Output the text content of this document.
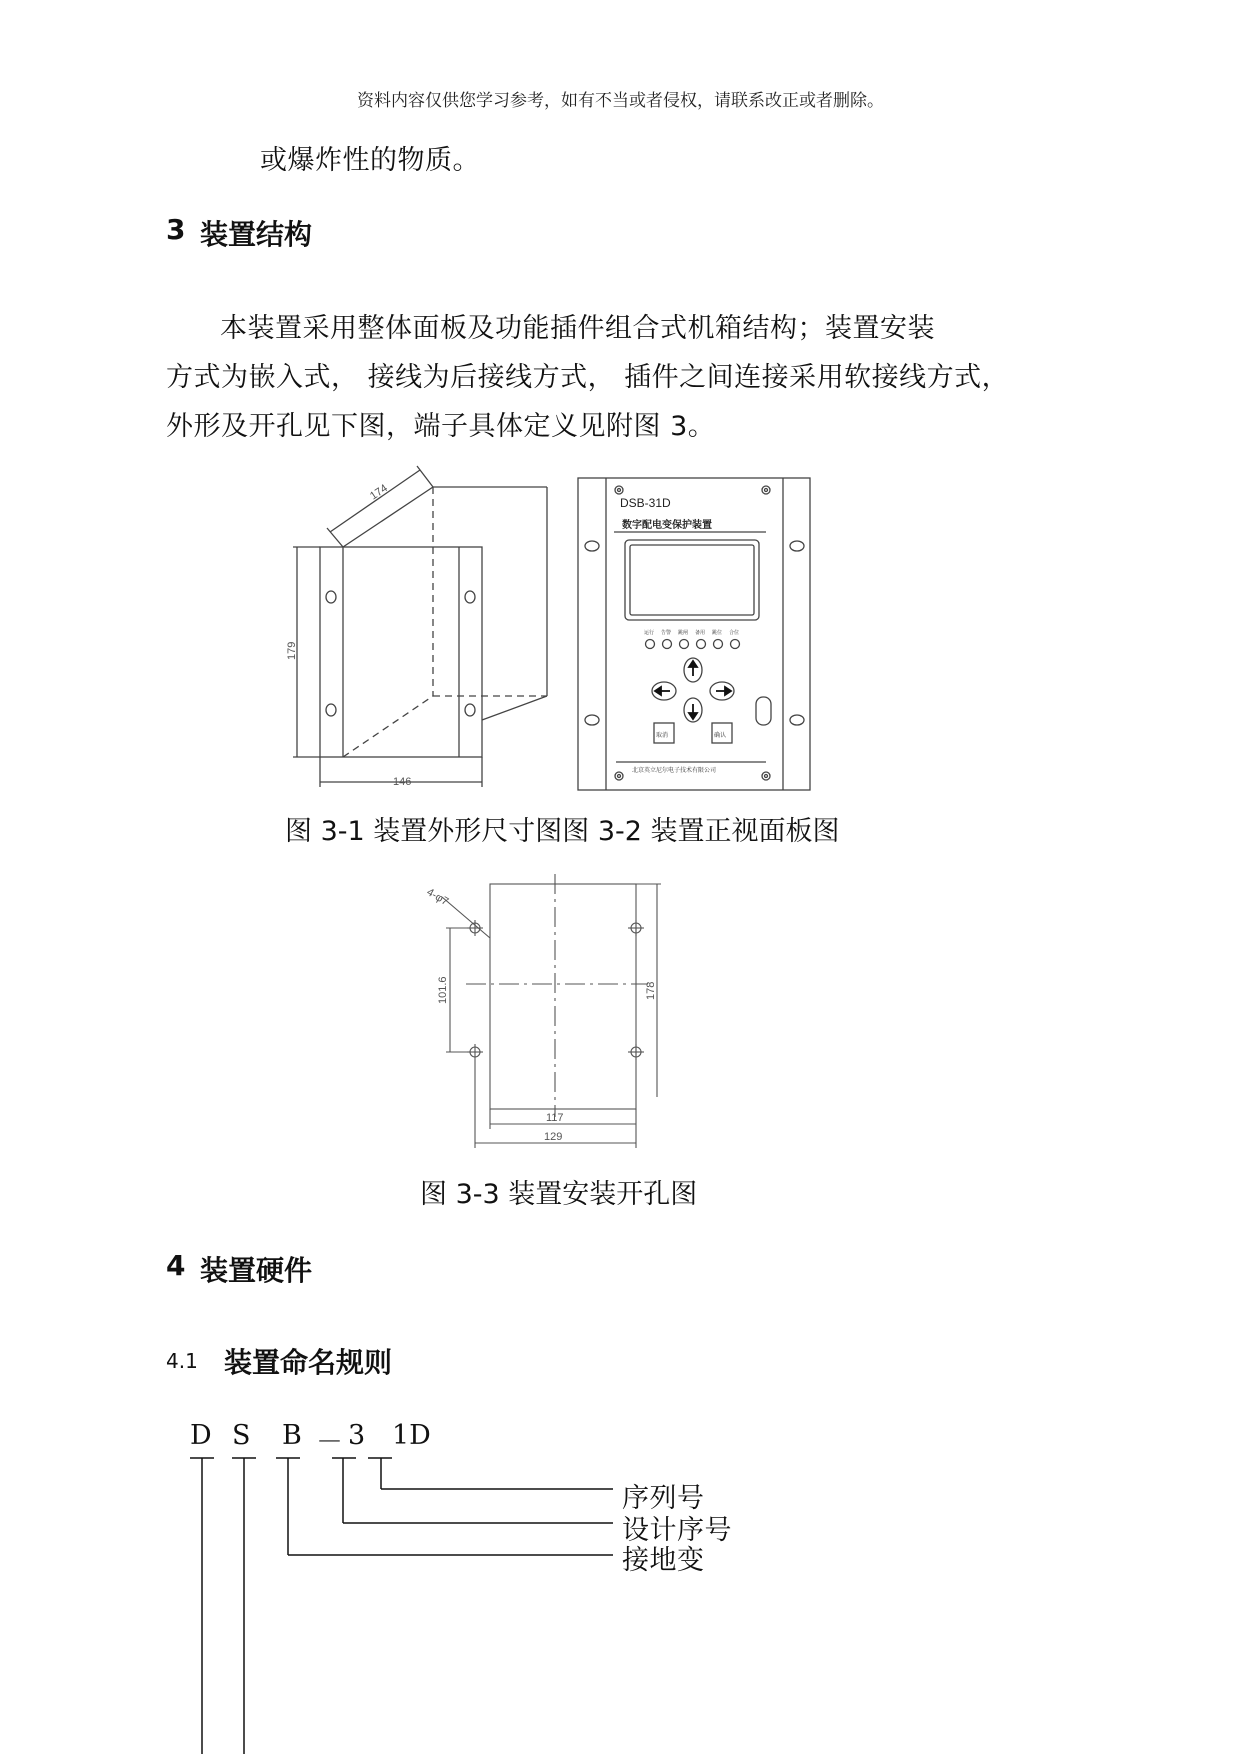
资料内容仅供您学习参考，如有不当或者侵权，请联系改正或者删除。
或爆炸性的物质。
3 装置结构
本装置采用整体面板及功能插件组合式机箱结构；装置安装
方式为嵌入式， 接线为后接线方式， 插件之间连接采用软接线方式，
外形及开孔见下图，端子具体定义见附图 3。
174
179
146
DSB-31D
数字配电变保护装置
运行 告警 跳闸 备用 跳位 合位
取消	确认
北京英立尼尔电子技术有限公司
图 3-1 装置外形尺寸图图 3-2 装置正视面板图
4-φ7
101.6	178
117
129
图 3-3 装置安装开孔图
4 装置硬件
4.1 装置命名规则
D S B － 3 1D
序列号
设计序号
接地变
